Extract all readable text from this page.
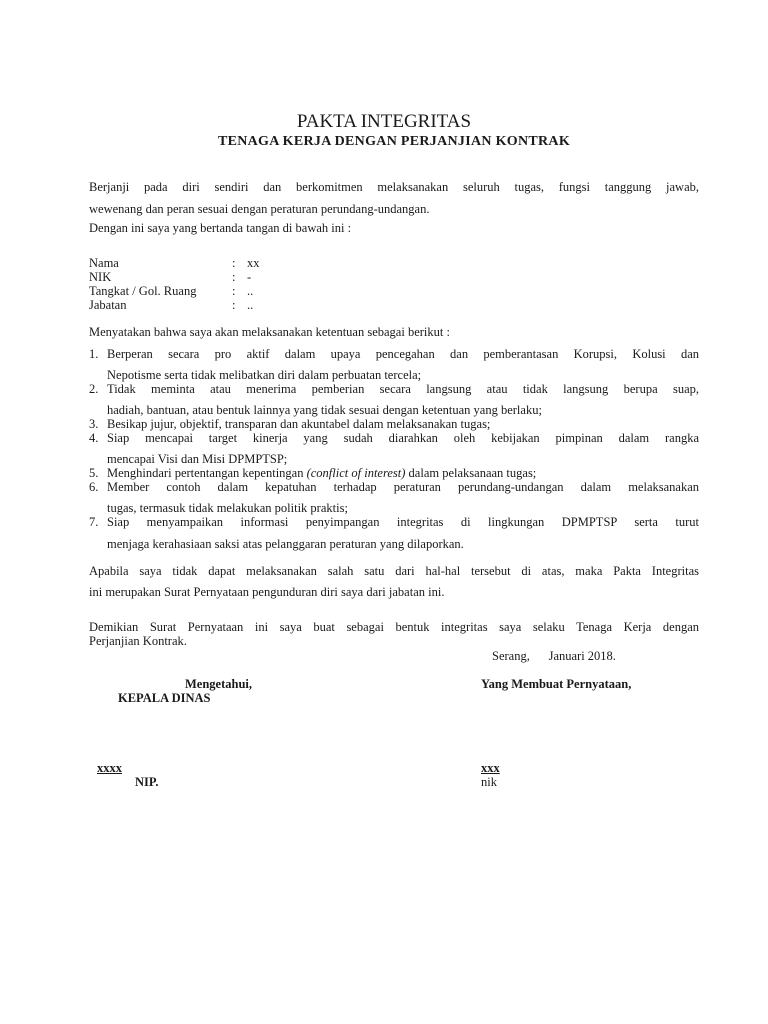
PAKTA INTEGRITAS
TENAGA KERJA DENGAN PERJANJIAN KONTRAK
Berjanji pada diri sendiri dan berkomitmen melaksanakan seluruh tugas, fungsi tanggung jawab,
wewenang dan peran sesuai dengan peraturan perundang-undangan.
Dengan ini saya yang bertanda tangan di bawah ini :
Nama	: xx
NIK	: -
Tangkat / Gol. Ruang	: ..
Jabatan	: ..
Menyatakan bahwa saya akan melaksanakan ketentuan sebagai berikut :
1. Berperan secara pro aktif dalam upaya pencegahan dan pemberantasan Korupsi, Kolusi dan
Nepotisme serta tidak melibatkan diri dalam perbuatan tercela;
2. Tidak meminta atau menerima pemberian secara langsung atau tidak langsung berupa suap,
hadiah, bantuan, atau bentuk lainnya yang tidak sesuai dengan ketentuan yang berlaku;
3. Besikap jujur, objektif, transparan dan akuntabel dalam melaksanakan tugas;
4. Siap mencapai target kinerja yang sudah diarahkan oleh kebijakan pimpinan dalam rangka
mencapai Visi dan Misi DPMPTSP;
5. Menghindari pertentangan kepentingan (conflict of interest) dalam pelaksanaan tugas;
6. Member contoh dalam kepatuhan terhadap peraturan perundang-undangan dalam melaksanakan
tugas, termasuk tidak melakukan politik praktis;
7. Siap menyampaikan informasi penyimpangan integritas di lingkungan DPMPTSP serta turut
menjaga kerahasiaan saksi atas pelanggaran peraturan yang dilaporkan.
Apabila saya tidak dapat melaksanakan salah satu dari hal-hal tersebut di atas, maka Pakta Integritas
ini merupakan Surat Pernyataan pengunduran diri saya dari jabatan ini.
Demikian Surat Pernyataan ini saya buat sebagai bentuk integritas saya selaku Tenaga Kerja dengan
Perjanjian Kontrak.
Serang,      Januari 2018.
Mengetahui,
KEPALA DINAS
xxxx
NIP.
Yang Membuat Pernyataan,
xxx
nik
